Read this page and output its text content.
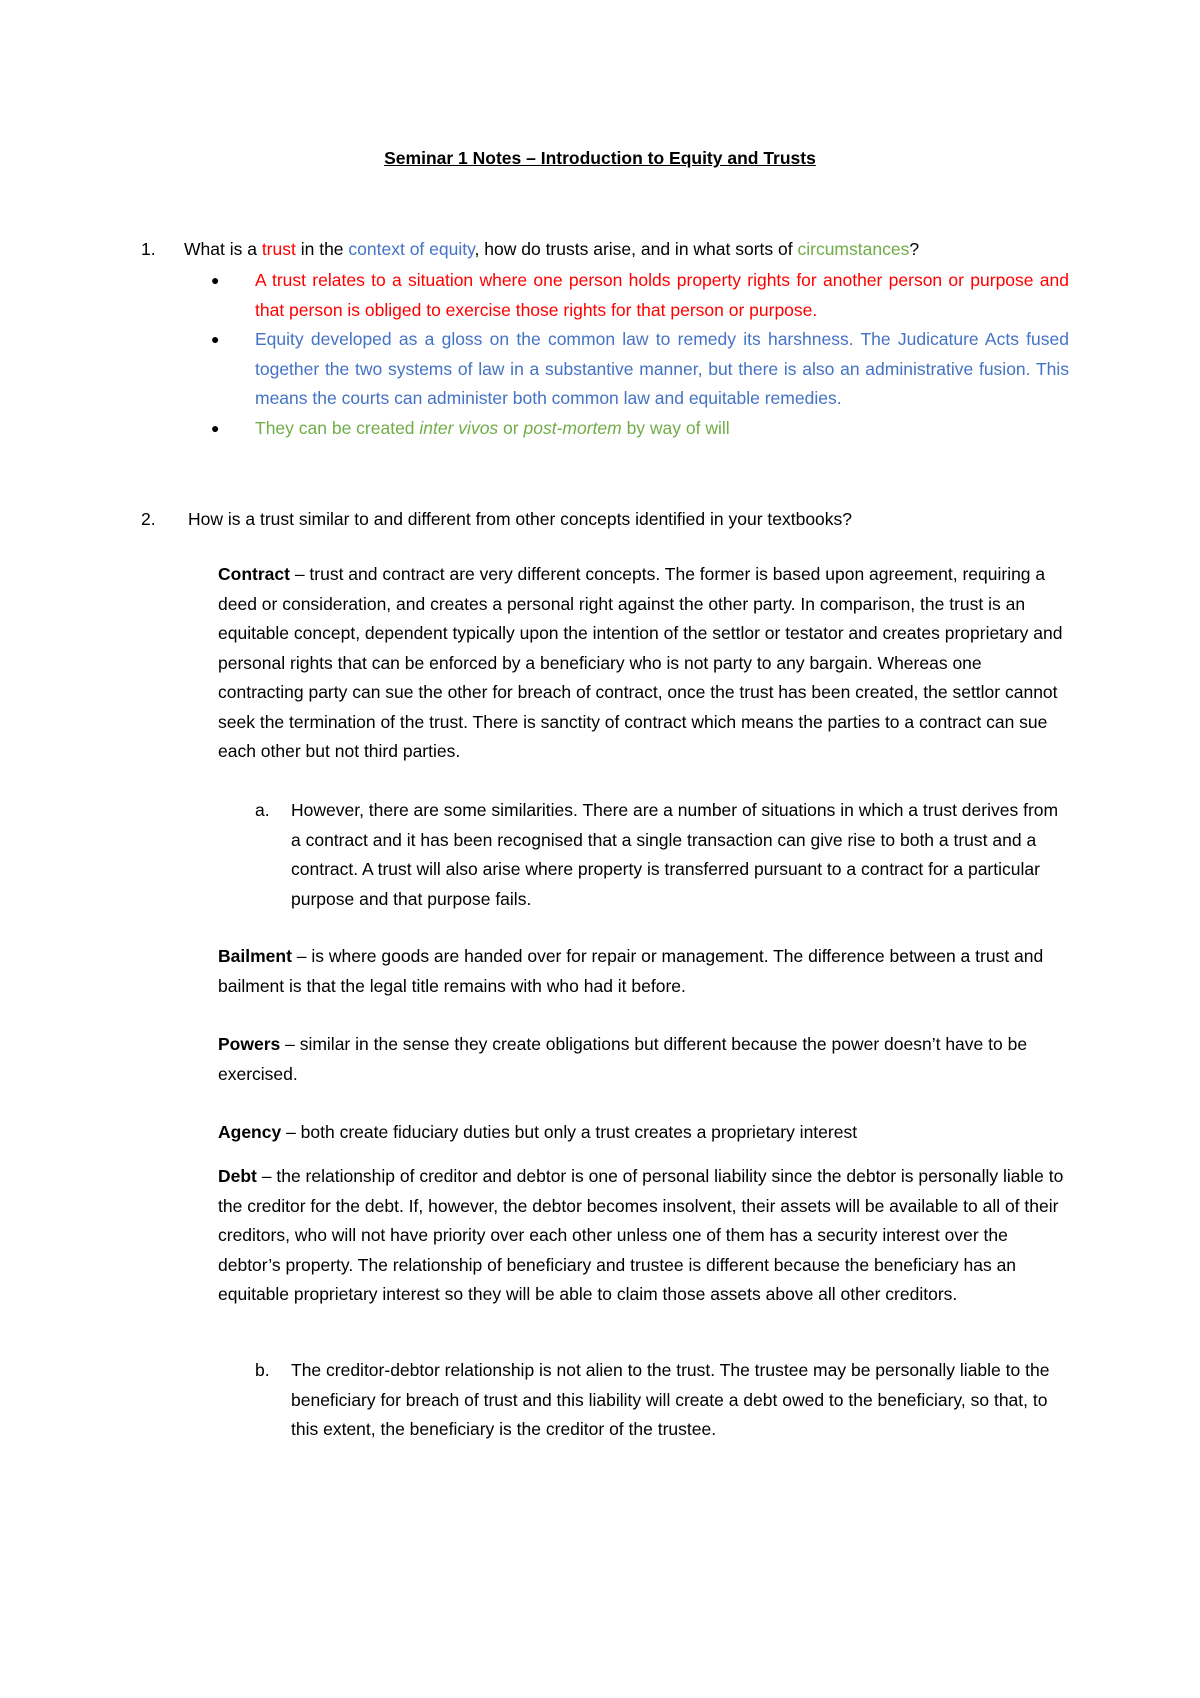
Seminar 1 Notes – Introduction to Equity and Trusts
1. What is a trust in the context of equity, how do trusts arise, and in what sorts of circumstances?
●
A trust relates to a situation where one person holds property rights for another person or purpose and that person is obliged to exercise those rights for that person or purpose.
●
Equity developed as a gloss on the common law to remedy its harshness. The Judicature Acts fused together the two systems of law in a substantive manner, but there is also an administrative fusion. This means the courts can administer both common law and equitable remedies.
●
They can be created inter vivos or post-mortem by way of will
2. How is a trust similar to and different from other concepts identified in your textbooks?
Contract – trust and contract are very different concepts. The former is based upon agreement, requiring a deed or consideration, and creates a personal right against the other party. In comparison, the trust is an equitable concept, dependent typically upon the intention of the settlor or testator and creates proprietary and personal rights that can be enforced by a beneficiary who is not party to any bargain. Whereas one contracting party can sue the other for breach of contract, once the trust has been created, the settlor cannot seek the termination of the trust. There is sanctity of contract which means the parties to a contract can sue each other but not third parties.
a. However, there are some similarities. There are a number of situations in which a trust derives from a contract and it has been recognised that a single transaction can give rise to both a trust and a contract. A trust will also arise where property is transferred pursuant to a contract for a particular purpose and that purpose fails.
Bailment – is where goods are handed over for repair or management. The difference between a trust and bailment is that the legal title remains with who had it before.
Powers – similar in the sense they create obligations but different because the power doesn’t have to be exercised.
Agency – both create fiduciary duties but only a trust creates a proprietary interest
Debt – the relationship of creditor and debtor is one of personal liability since the debtor is personally liable to the creditor for the debt. If, however, the debtor becomes insolvent, their assets will be available to all of their creditors, who will not have priority over each other unless one of them has a security interest over the debtor’s property. The relationship of beneficiary and trustee is different because the beneficiary has an equitable proprietary interest so they will be able to claim those assets above all other creditors.
b. The creditor-debtor relationship is not alien to the trust. The trustee may be personally liable to the beneficiary for breach of trust and this liability will create a debt owed to the beneficiary, so that, to this extent, the beneficiary is the creditor of the trustee.
